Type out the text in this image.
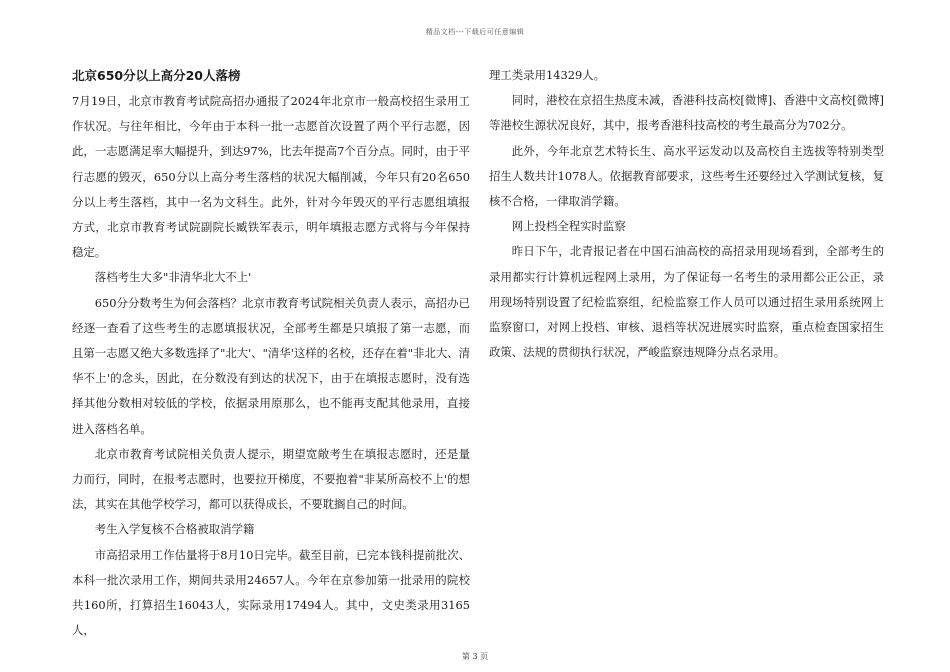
精品文档---下载后可任意编辑
北京650分以上高分20人落榜

7月19日，北京市教育考试院高招办通报了2024年北京市一般高校招生录用工作状况。与往年相比，今年由于本科一批一志愿首次设置了两个平行志愿，因此，一志愿满足率大幅提升，到达97%，比去年提高7个百分点。同时，由于平行志愿的毁灭，650分以上高分考生落档的状况大幅削减，今年只有20名650分以上考生落档，其中一名为文科生。此外，针对今年毁灭的平行志愿组填报方式，北京市教育考试院副院长臧铁军表示，明年填报志愿方式将与今年保持稳定。

落档考生大多"非清华北大不上'

650分分数考生为何会落档？北京市教育考试院相关负责人表示，高招办已经逐一查看了这些考生的志愿填报状况，全部考生都是只填报了第一志愿，而且第一志愿又绝大多数选择了"北大'、"清华'这样的名校，还存在着"非北大、清华不上'的念头，因此，在分数没有到达的状况下，由于在填报志愿时，没有选择其他分数相对较低的学校，依据录用原那么，也不能再支配其他录用，直接进入落档名单。

北京市教育考试院相关负责人提示，期望宽敞考生在填报志愿时，还是量力而行，同时，在报考志愿时，也要拉开梯度，不要抱着"非某所高校不上'的想法，其实在其他学校学习，都可以获得成长，不要耽搁自己的时间。

考生入学复核不合格被取消学籍

市高招录用工作估量将于8月10日完毕。截至目前，已完本钱科提前批次、本科一批次录用工作，期间共录用24657人。今年在京参加第一批录用的院校共160所，打算招生16043人，实际录用17494人。其中，文史类录用3165人，

理工类录用14329人。

同时，港校在京招生热度未减，香港科技高校[微博]、香港中文高校[微博]等港校生源状况良好，其中，报考香港科技高校的考生最高分为702分。

此外，今年北京艺术特长生、高水平运发动以及高校自主选拔等特别类型招生人数共计1078人。依据教育部要求，这些考生还要经过入学测试复核，复核不合格，一律取消学籍。

网上投档全程实时监察

昨日下午，北青报记者在中国石油高校的高招录用现场看到，全部考生的录用都实行计算机远程网上录用，为了保证每一名考生的录用都公正公正，录用现场特别设置了纪检监察组，纪检监察工作人员可以通过招生录用系统网上监察窗口，对网上投档、审核、退档等状况进展实时监察，重点检查国家招生政策、法规的贯彻执行状况，严峻监察违规降分点名录用。

第 3 页
